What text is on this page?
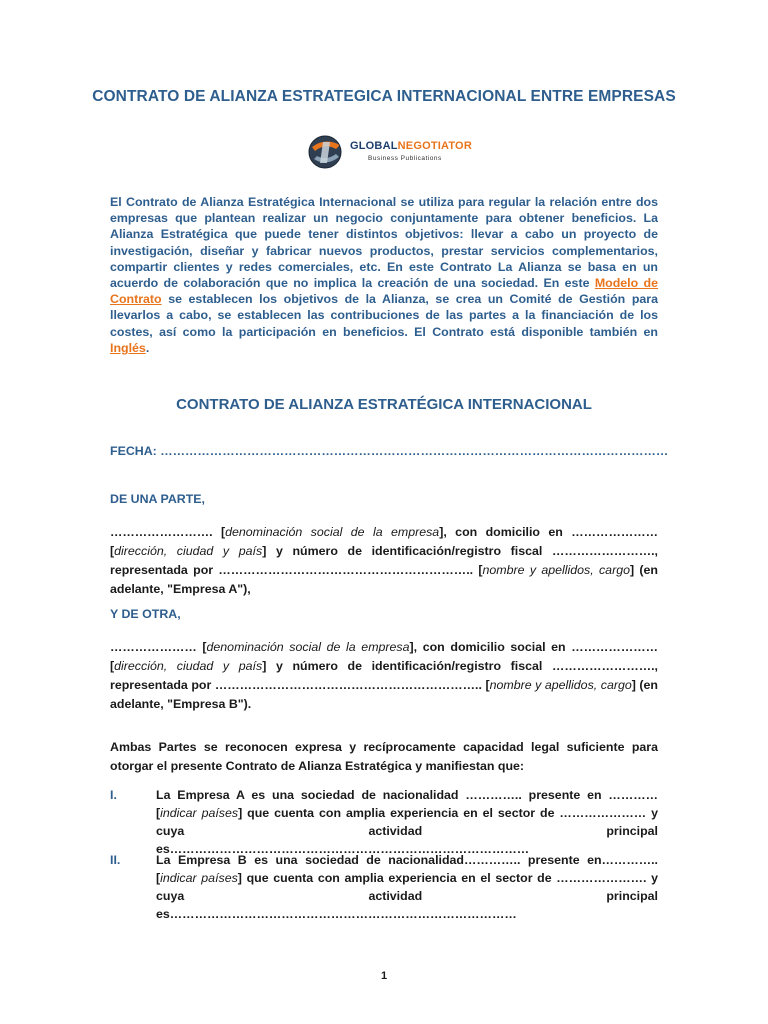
CONTRATO DE ALIANZA ESTRATEGICA INTERNACIONAL ENTRE EMPRESAS
GLOBALNEGOTIATOR
Business Publications
El Contrato de Alianza Estratégica Internacional se utiliza para regular la relación entre dos empresas que plantean realizar un negocio conjuntamente para obtener beneficios. La Alianza Estratégica que puede tener distintos objetivos: llevar a cabo un proyecto de investigación, diseñar y fabricar nuevos productos, prestar servicios complementarios, compartir clientes y redes comerciales, etc. En este Contrato La Alianza se basa en un acuerdo de colaboración que no implica la creación de una sociedad. En este Modelo de Contrato se establecen los objetivos de la Alianza, se crea un Comité de Gestión para llevarlos a cabo, se establecen las contribuciones de las partes a la financiación de los costes, así como la participación en beneficios. El Contrato está disponible también en Inglés.
CONTRATO DE ALIANZA ESTRATÉGICA INTERNACIONAL
FECHA: ……………………………………………………………………………………………………………
DE UNA PARTE,
……………………. [denominación social de la empresa], con domicilio en ………………… [dirección, ciudad y país] y número de identificación/registro fiscal ……………………., representada por …………………………………………………….. [nombre y apellidos, cargo] (en adelante, "Empresa A"),
Y DE OTRA,
………………… [denominación social de la empresa], con domicilio social en ………………… [dirección, ciudad y país] y número de identificación/registro fiscal ……………………., representada por ……………………………………………………….. [nombre y apellidos, cargo] (en adelante, "Empresa B").
Ambas Partes se reconocen expresa y recíprocamente capacidad legal suficiente para otorgar el presente Contrato de Alianza Estratégica y manifiestan que:
I.	La Empresa A es una sociedad de nacionalidad ………….. presente en ………… [indicar países] que cuenta con amplia experiencia en el sector de ………………… y cuya actividad principal es……………………………………………………………………………
II.	La Empresa B es una sociedad de nacionalidad………….. presente en………….. [indicar países] que cuenta con amplia experiencia en el sector de …………………. y cuya actividad principal es…………………………………………………………………………
1
